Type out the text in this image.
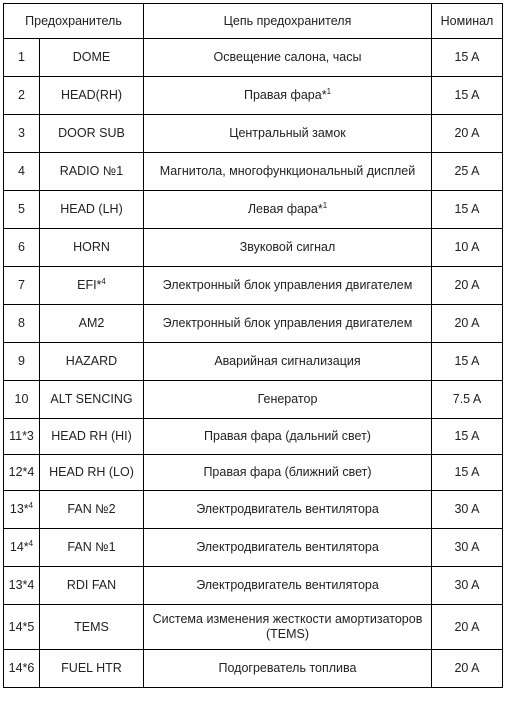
Предохранитель		Цепь предохранителя	Номинал
1	DOME	Освещение салона, часы	15 A
2	HEAD(RH)	Правая фара*$^1$	15 A
3	DOOR SUB	Центральный замок	20 A
4	RADIO №1	Магнитола, многофункциональный дисплей	25 A
5	HEAD (LH)	Левая фара*$^1$	15 A
6	HORN	Звуковой сигнал	10 A
7	EFI*$^4$	Электронный блок управления двигателем	20 A
8	AM2	Электронный блок управления двигателем	20 A
9	HAZARD	Аварийная сигнализация	15 A
10	ALT SENCING	Генератор	7.5 A
11*3	HEAD RH (HI)	Правая фара (дальний свет)	15 A
12*4	HEAD RH (LO)	Правая фара (ближний свет)	15 A
13*$^4$	FAN №2	Электродвигатель вентилятора	30 A
14*$^4$	FAN №1	Электродвигатель вентилятора	30 A
13*4	RDI FAN	Электродвигатель вентилятора	30 A
14*5	TEMS	Система изменения жесткости амортизаторов (TEMS)	20 A
14*6	FUEL HTR	Подогреватель топлива	20 A
